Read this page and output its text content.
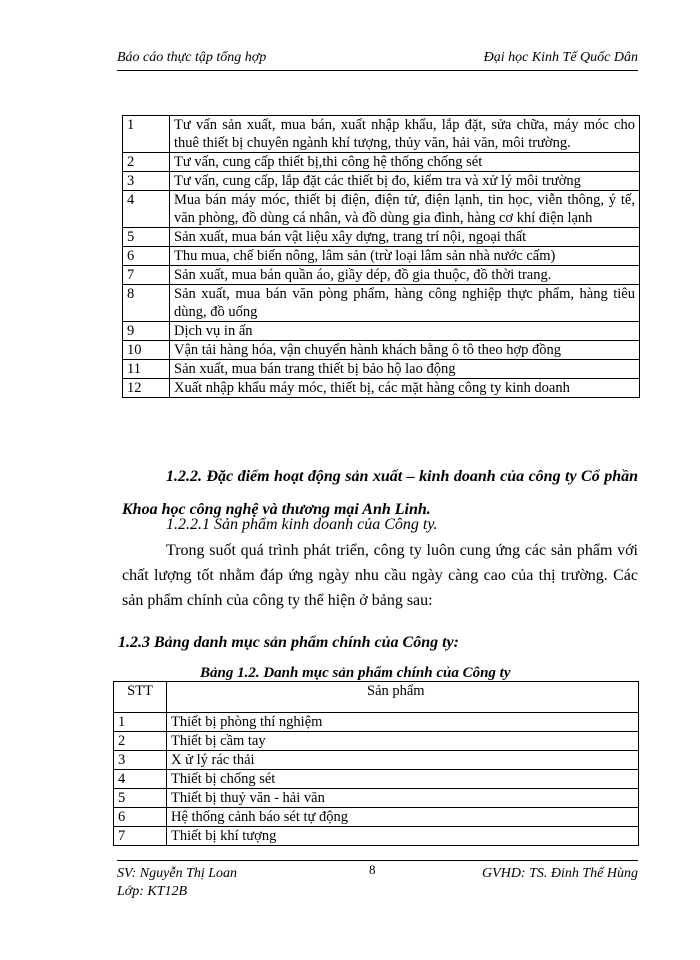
Báo cáo thực tập tổng hợp	Đại học Kinh Tế Quốc Dân
1	Tư vấn sản xuất, mua bán, xuất nhập khẩu, lắp đặt, sửa chữa, máy móc cho thuê thiết bị chuyên ngành khí tượng, thủy văn, hải văn, môi trường.
2	Tư vấn, cung cấp thiết bị,thi công hệ thống chống sét
3	Tư vấn, cung cấp, lắp đặt các thiết bị đo, kiểm tra và xử lý môi trường
4	Mua bán máy móc, thiết bị điện, điện tử, điện lạnh, tin học, viễn thông, ý tế, văn phòng, đồ dùng cá nhân, và đồ dùng gia đình, hàng cơ khí điện lạnh
5	Sản xuất, mua bán vật liệu xây dựng, trang trí nội, ngoại thất
6	Thu mua, chế biến nông, lâm sản (trừ loại lâm sản nhà nước cấm)
7	Sản xuất, mua bán quần áo, giầy dép, đồ gia thuộc, đồ thời trang.
8	Sản xuất, mua bán văn pòng phẩm, hàng công nghiệp thực phẩm, hàng tiêu dùng, đồ uống
9	Dịch vụ in ấn
10	Vận tải hàng hóa, vận chuyển hành khách bằng ô tô theo hợp đồng
11	Sản xuất, mua bán trang thiết bị bảo hộ lao động
12	Xuất nhập khẩu máy móc, thiết bị, các mặt hàng công ty kinh doanh
1.2.2. Đặc điểm hoạt động sản xuất – kinh doanh của công ty Cổ phần Khoa học công nghệ và thương mại Anh Linh.
1.2.2.1 Sản phẩm kinh doanh của Công ty.
Trong suốt quá trình phát triển, công ty luôn cung ứng các sản phẩm với chất lượng tốt nhằm đáp ứng ngày nhu cầu ngày càng cao của thị trường. Các sản phẩm chính của công ty thể hiện ở bảng sau:
1.2.3 Bảng danh mục sản phẩm chính của Công ty:
Bảng 1.2. Danh mục sản phẩm chính của Công ty
STT	Sản phẩm
1	Thiết bị phòng thí nghiệm
2	Thiết bị cầm tay
3	X ử lý rác thải
4	Thiết bị chống sét
5	Thiết bị thuỷ văn - hải văn
6	Hệ thống cảnh báo sét tự động
7	Thiết bị khí tượng
SV: Nguyễn Thị Loan
Lớp: KT12B
8	GVHD: TS. Đinh Thế Hùng
